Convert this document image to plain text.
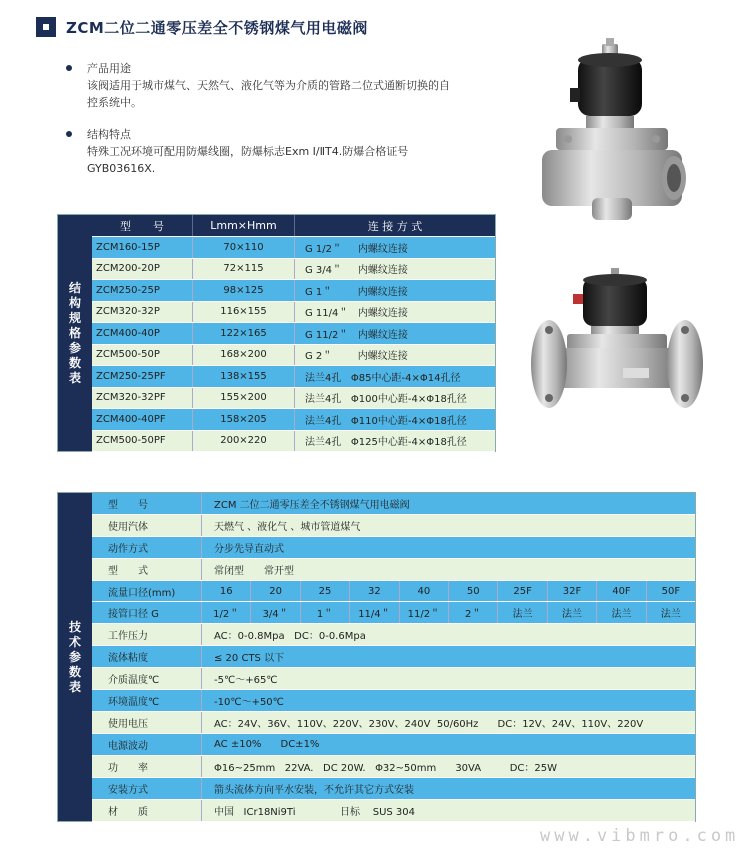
ZCM二位二通零压差全不锈钢煤气用电磁阀
产品用途
该阀适用于城市煤气、天然气、液化气等为介质的管路二位式通断切换的自控系统中。
结构特点
特殊工况环境可配用防爆线圈，防爆标志Exm Ⅰ/ⅡT4.防爆合格证号GYB03616X.
结
构
规
格
参
数
表
型　　号	Lmm×Hmm	连 接 方 式
ZCM160-15P	70×110	G 1/2＂     内螺纹连接
ZCM200-20P	72×115	G 3/4＂     内螺纹连接
ZCM250-25P	98×125	G 1＂        内螺纹连接
ZCM320-32P	116×155	G 11/4＂   内螺纹连接
ZCM400-40P	122×165	G 11/2＂   内螺纹连接
ZCM500-50P	168×200	G 2＂        内螺纹连接
ZCM250-25PF	138×155	法兰4孔   Φ85中心距-4×Φ14孔径
ZCM320-32PF	155×200	法兰4孔   Φ100中心距-4×Φ18孔径
ZCM400-40PF	158×205	法兰4孔   Φ110中心距-4×Φ18孔径
ZCM500-50PF	200×220	法兰4孔   Φ125中心距-4×Φ18孔径
技
术
参
数
表
型　　号	ZCM 二位二通零压差全不锈钢煤气用电磁阀
使用汽体	天燃气 、液化气 、城市管道煤气
动作方式	分步先导直动式
型　　式	常闭型　　常开型
流量口径(mm)	16	20	25	32	40	50	25F	32F	40F	50F
接管口径 G	1/2＂	3/4＂	1＂	11/4＂	11/2＂	2＂	法兰	法兰	法兰	法兰
工作压力	AC：0-0.8Mpa   DC：0-0.6Mpa
流体粘度	≤ 20 CTS 以下
介质温度℃	-5℃～+65℃
环境温度℃	-10℃～+50℃
使用电压	AC：24V、36V、110V、220V、230V、240V  50/60Hz      DC：12V、24V、110V、220V
电源波动	AC ±10%      DC±1%
功　　率	Φ16~25mm   22VA.   DC 20W.   Φ32~50mm      30VA         DC：25W
安装方式	箭头流体方向平水安装，不允许其它方式安装
材　　质	中国   ICr18Ni9Ti              日标    SUS 304
www.vibmro.com
